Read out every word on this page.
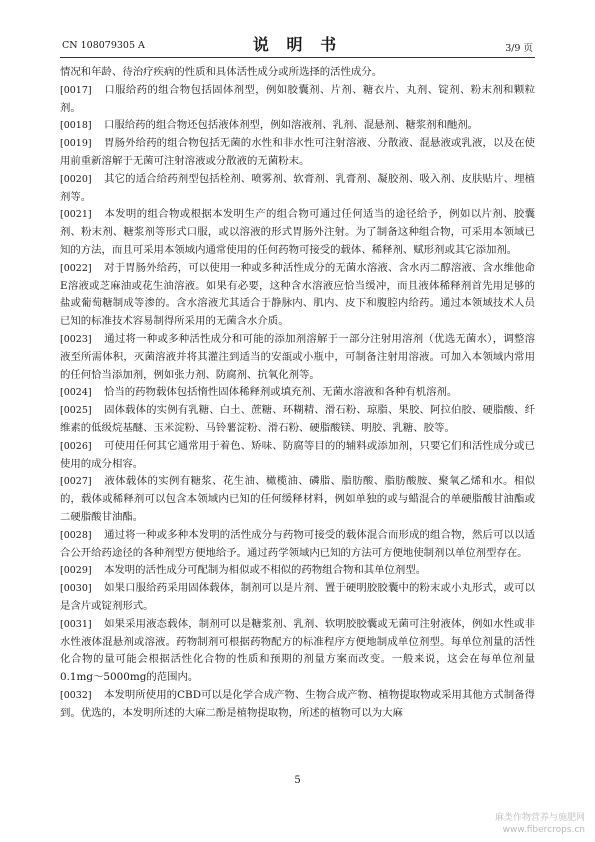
CN 108079305 A	说 明 书	3/9 页

情况和年龄、待治疗疾病的性质和具体活性成分或所选择的活性成分。

[0017] 口服给药的组合物包括固体剂型，例如胶囊剂、片剂、糖衣片、丸剂、锭剂、粉末剂和颗粒剂。

[0018] 口服给药的组合物还包括液体剂型，例如溶液剂、乳剂、混悬剂、糖浆剂和酏剂。

[0019] 胃肠外给药的组合物包括无菌的水性和非水性可注射溶液、分散液、混悬液或乳液，以及在使用前重新溶解于无菌可注射溶液或分散液的无菌粉末。

[0020] 其它的适合给药剂型包括栓剂、喷雾剂、软膏剂、乳膏剂、凝胶剂、吸入剂、皮肤贴片、埋植剂等。

[0021] 本发明的组合物或根据本发明生产的组合物可通过任何适当的途径给予，例如以片剂、胶囊剂、粉末剂、糖浆剂等形式口服，或以溶液的形式胃肠外注射。为了制备这种组合物，可采用本领域已知的方法，而且可采用本领域内通常使用的任何药物可接受的载体、稀释剂、赋形剂或其它添加剂。

[0022] 对于胃肠外给药，可以使用一种或多种活性成分的无菌水溶液、含水丙二醇溶液、含水维他命E溶液或芝麻油或花生油溶液。如果有必要，这种含水溶液应恰当缓冲，而且液体稀释剂首先用足够的盐或葡萄糖制成等渗的。含水溶液尤其适合于静脉内、肌内、皮下和腹腔内给药。通过本领域技术人员已知的标准技术容易制得所采用的无菌含水介质。

[0023] 通过将一种或多种活性成分和可能的添加剂溶解于一部分注射用溶剂（优选无菌水），调整溶液至所需体积，灭菌溶液并将其灌注到适当的安瓿或小瓶中，可制备注射用溶液。可加入本领域内常用的任何恰当添加剂，例如张力剂、防腐剂、抗氧化剂等。

[0024] 恰当的药物载体包括惰性固体稀释剂或填充剂、无菌水溶液和各种有机溶剂。

[0025] 固体载体的实例有乳糖、白土、蔗糖、环糊精、滑石粉、琼脂、果胶、阿拉伯胶、硬脂酸、纤维素的低级烷基醚、玉米淀粉、马铃薯淀粉、滑石粉、硬脂酸镁、明胶、乳糖、胶等。

[0026] 可使用任何其它通常用于着色、矫味、防腐等目的的辅料或添加剂，只要它们和活性成分或已使用的成分相容。

[0027] 液体载体的实例有糖浆、花生油、橄榄油、磷脂、脂肪酸、脂肪酸胺、聚氧乙烯和水。相似的，载体或稀释剂可以包含本领域内已知的任何缓释材料，例如单独的或与蜡混合的单硬脂酸甘油酯或二硬脂酸甘油酯。

[0028] 通过将一种或多种本发明的活性成分与药物可接受的载体混合而形成的组合物，然后可以以适合公开给药途径的各种剂型方便地给予。通过药学领域内已知的方法可方便地使制剂以单位剂型存在。

[0029] 本发明的活性成分可配制为相似或不相似的药物组合物和其单位剂型。

[0030] 如果口服给药采用固体载体，制剂可以是片剂、置于硬明胶胶囊中的粉末或小丸形式，或可以是含片或锭剂形式。

[0031] 如果采用液态载体，制剂可以是糖浆剂、乳剂、软明胶胶囊或无菌可注射液体，例如水性或非水性液体混悬剂或溶液。药物制剂可根据药物配方的标准程序方便地制成单位剂型。每单位剂量的活性化合物的量可能会根据活性化合物的性质和预期的剂量方案而改变。一般来说，这会在每单位剂量0.1mg～5000mg的范围内。

[0032] 本发明所使用的CBD可以是化学合成产物、生物合成产物、植物提取物或采用其他方式制备得到。优选的，本发明所述的大麻二酚是植物提取物，所述的植物可以为大麻

5
麻类作物营养与施肥网
www.fibercrops.cn
